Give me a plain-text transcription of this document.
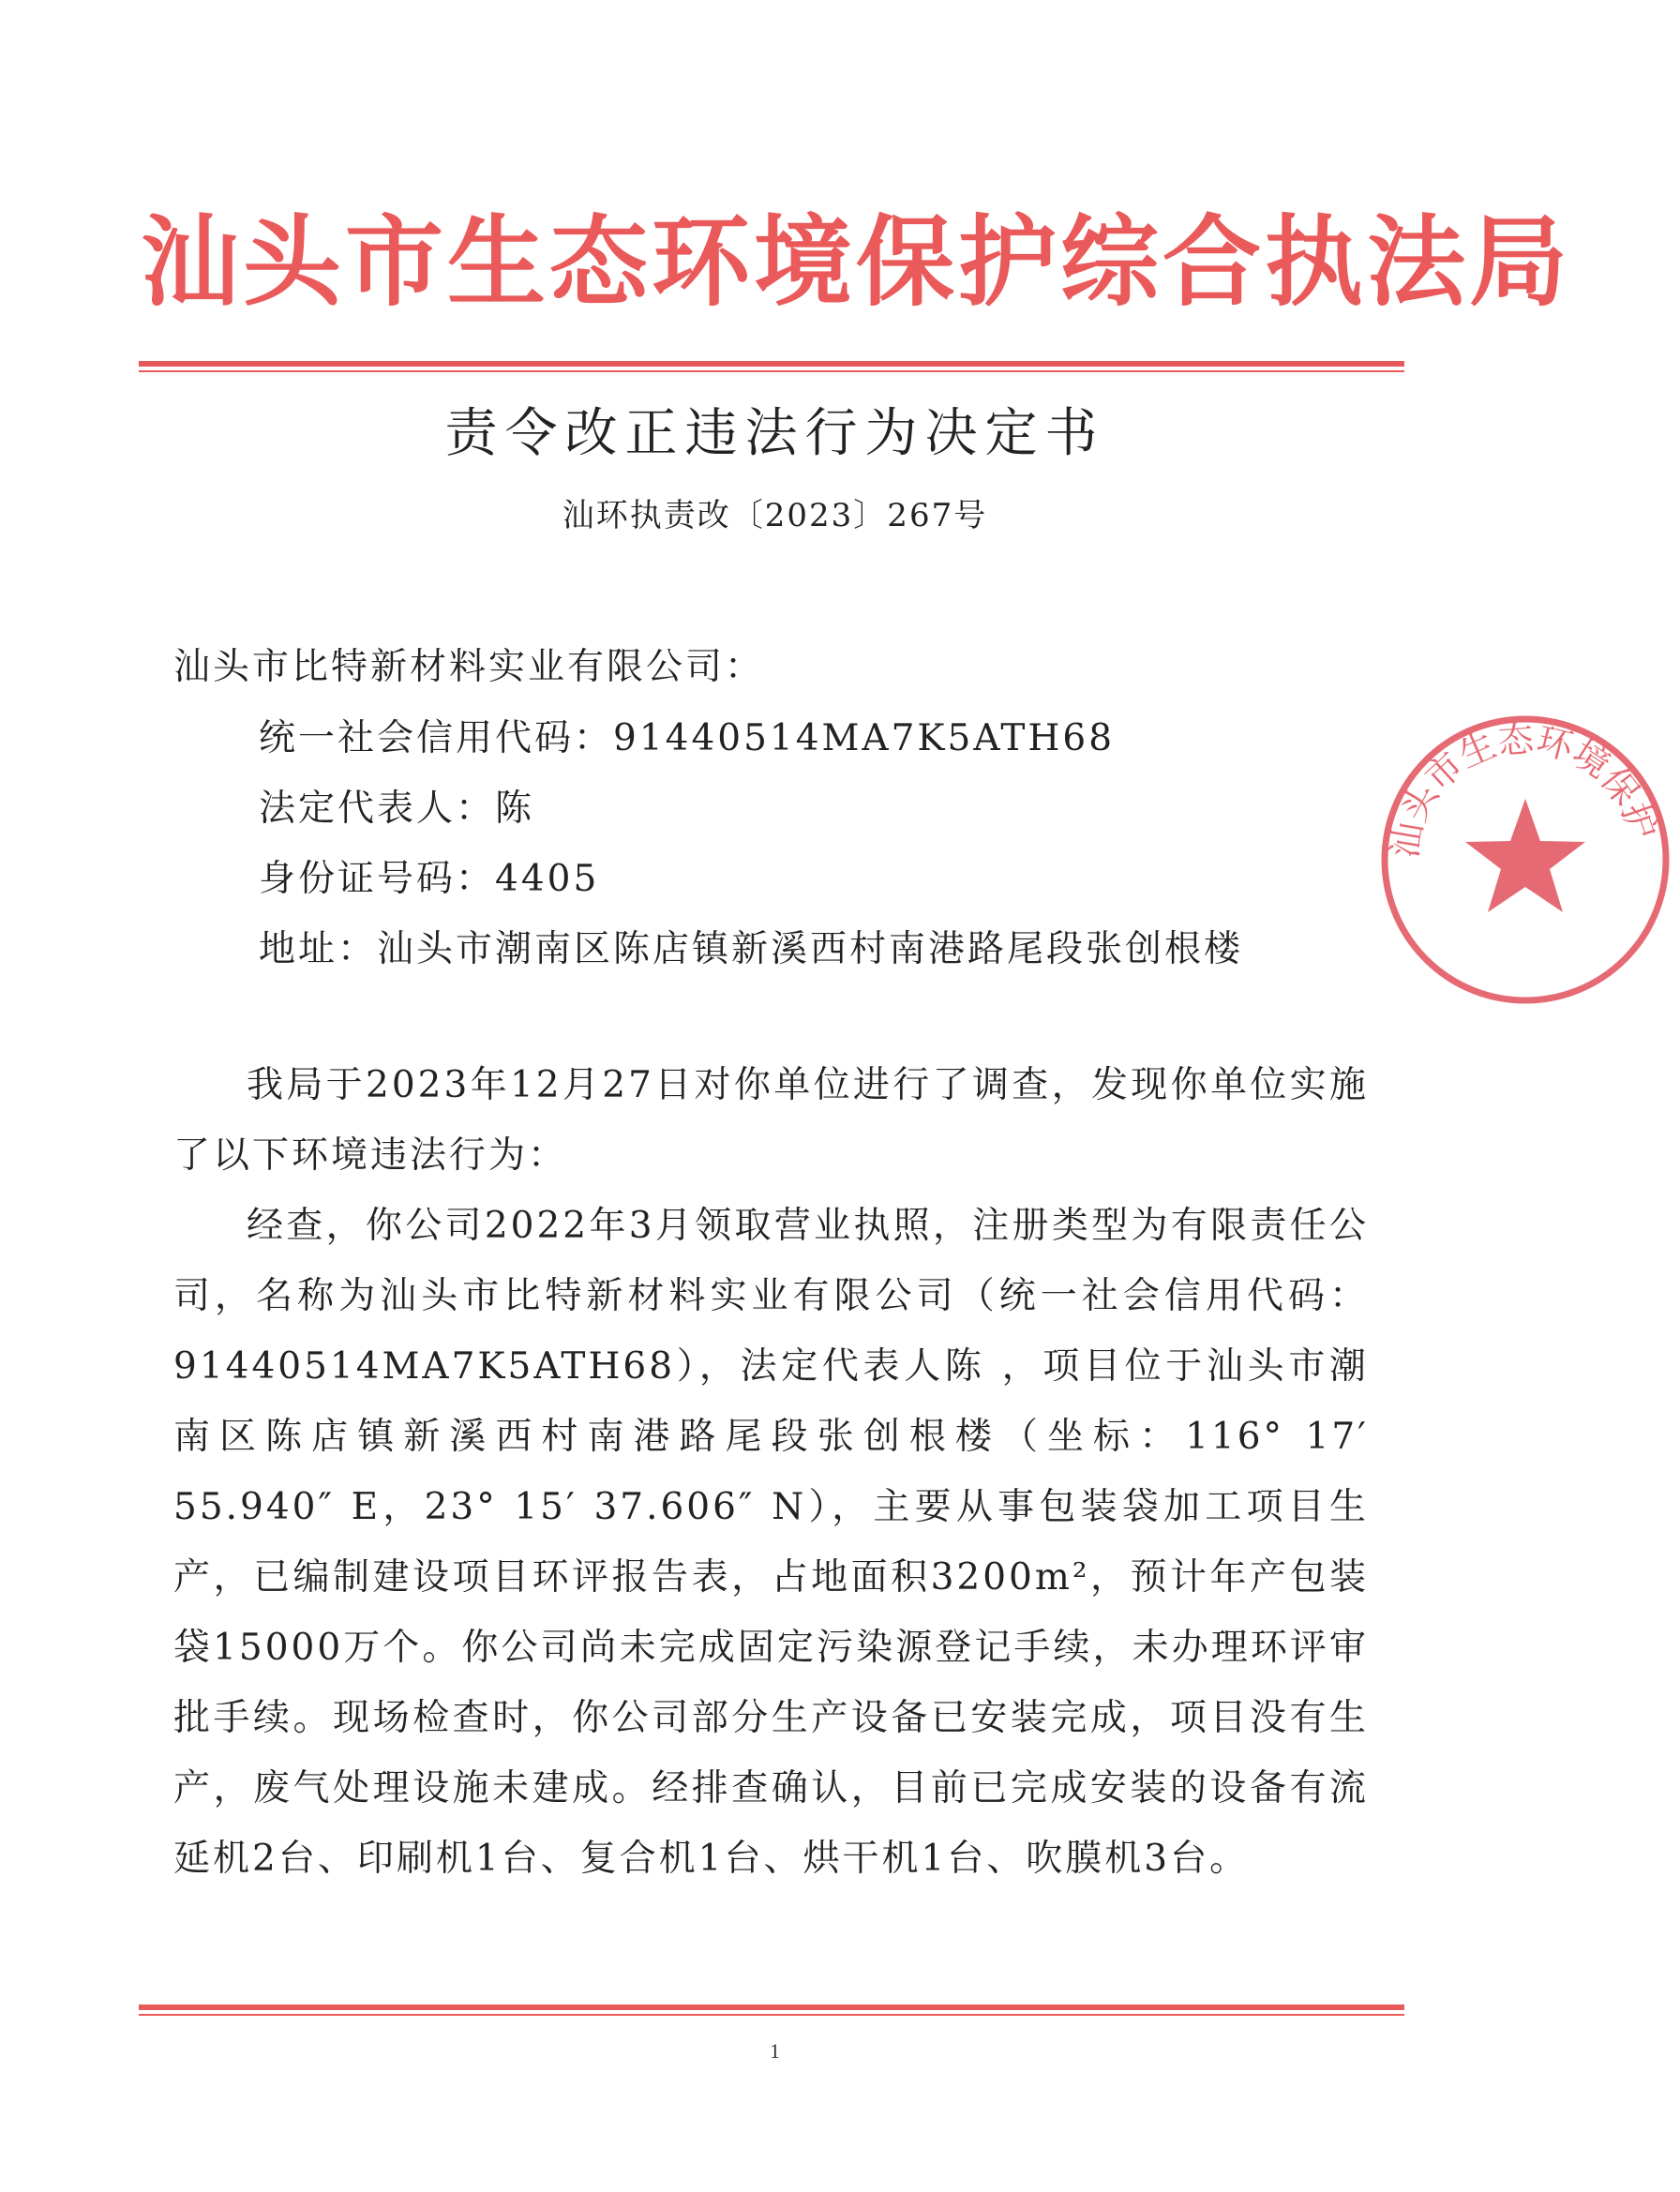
汕头市生态环境保护综合执法局
责令改正违法行为决定书
汕环执责改〔2023〕267号
汕头市比特新材料实业有限公司：
统一社会信用代码：91440514MA7K5ATH68
法定代表人：陈
身份证号码：4405
地址：汕头市潮南区陈店镇新溪西村南港路尾段张创根楼
我局于2023年12月27日对你单位进行了调查，发现你单位实施了以下环境违法行为：
经查，你公司2022年3月领取营业执照，注册类型为有限责任公司，名称为汕头市比特新材料实业有限公司（统一社会信用代码：91440514MA7K5ATH68），法定代表人陈 ，项目位于汕头市潮南区陈店镇新溪西村南港路尾段张创根楼（坐标：116° 17′ 55.940″ E，23° 15′ 37.606″ N），主要从事包装袋加工项目生产，已编制建设项目环评报告表，占地面积3200m²，预计年产包装袋15000万个。你公司尚未完成固定污染源登记手续，未办理环评审批手续。现场检查时，你公司部分生产设备已安装完成，项目没有生产，废气处理设施未建成。经排查确认，目前已完成安装的设备有流延机2台、印刷机1台、复合机1台、烘干机1台、吹膜机3台。
汕头市生态环境保护
1
